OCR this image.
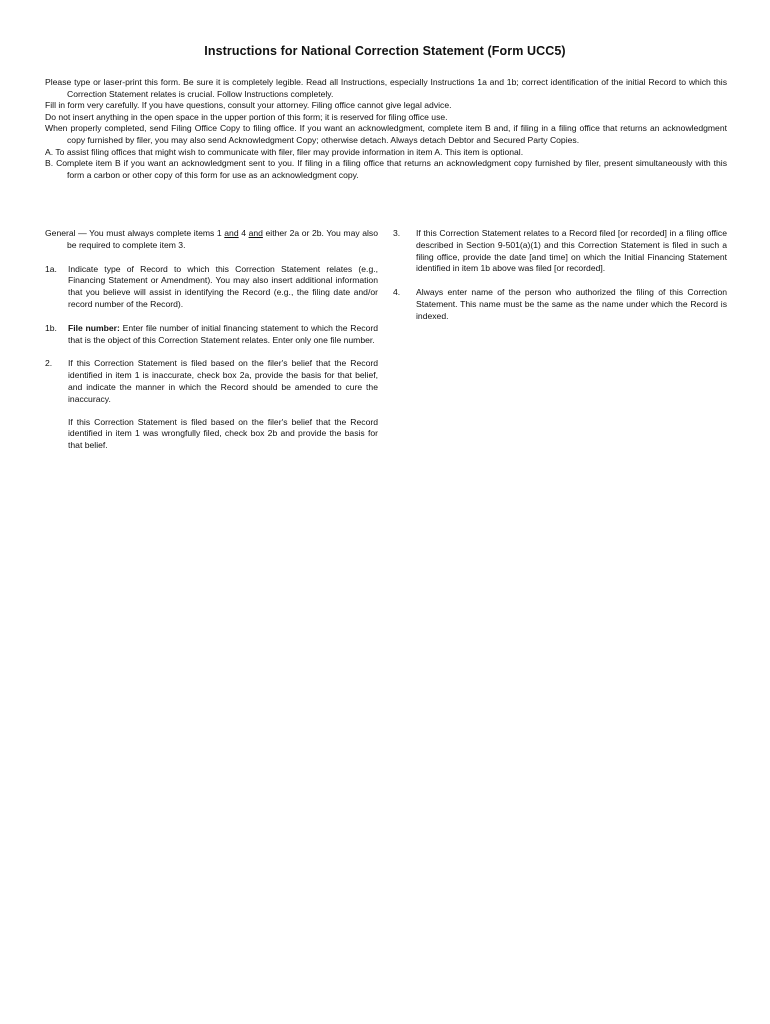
Instructions for National Correction Statement (Form UCC5)

Please type or laser-print this form. Be sure it is completely legible. Read all Instructions, especially Instructions 1a and 1b; correct identification of the initial Record to which this Correction Statement relates is crucial. Follow Instructions completely.

Fill in form very carefully. If you have questions, consult your attorney. Filing office cannot give legal advice.

Do not insert anything in the open space in the upper portion of this form; it is reserved for filing office use.

When properly completed, send Filing Office Copy to filing office. If you want an acknowledgment, complete item B and, if filing in a filing office that returns an acknowledgment copy furnished by filer, you may also send Acknowledgment Copy; otherwise detach. Always detach Debtor and Secured Party Copies.

A. To assist filing offices that might wish to communicate with filer, filer may provide information in item A. This item is optional.

B. Complete item B if you want an acknowledgment sent to you. If filing in a filing office that returns an acknowledgment copy furnished by filer, present simultaneously with this form a carbon or other copy of this form for use as an acknowledgment copy.

General — You must always complete items 1 and 4 and either 2a or 2b. You may also be required to complete item 3.
1a. Indicate type of Record to which this Correction Statement relates (e.g., Financing Statement or Amendment). You may also insert additional information that you believe will assist in identifying the Record (e.g., the filing date and/or record number of the Record).
1b. File number: Enter file number of initial financing statement to which the Record that is the object of this Correction Statement relates. Enter only one file number.
2. If this Correction Statement is filed based on the filer's belief that the Record identified in item 1 is inaccurate, check box 2a, provide the basis for that belief, and indicate the manner in which the Record should be amended to cure the inaccuracy.
If this Correction Statement is filed based on the filer's belief that the Record identified in item 1 was wrongfully filed, check box 2b and provide the basis for that belief.
3. If this Correction Statement relates to a Record filed [or recorded] in a filing office described in Section 9-501(a)(1) and this Correction Statement is filed in such a filing office, provide the date [and time] on which the Initial Financing Statement identified in item 1b above was filed [or recorded].
4. Always enter name of the person who authorized the filing of this Correction Statement. This name must be the same as the name under which the Record is indexed.
